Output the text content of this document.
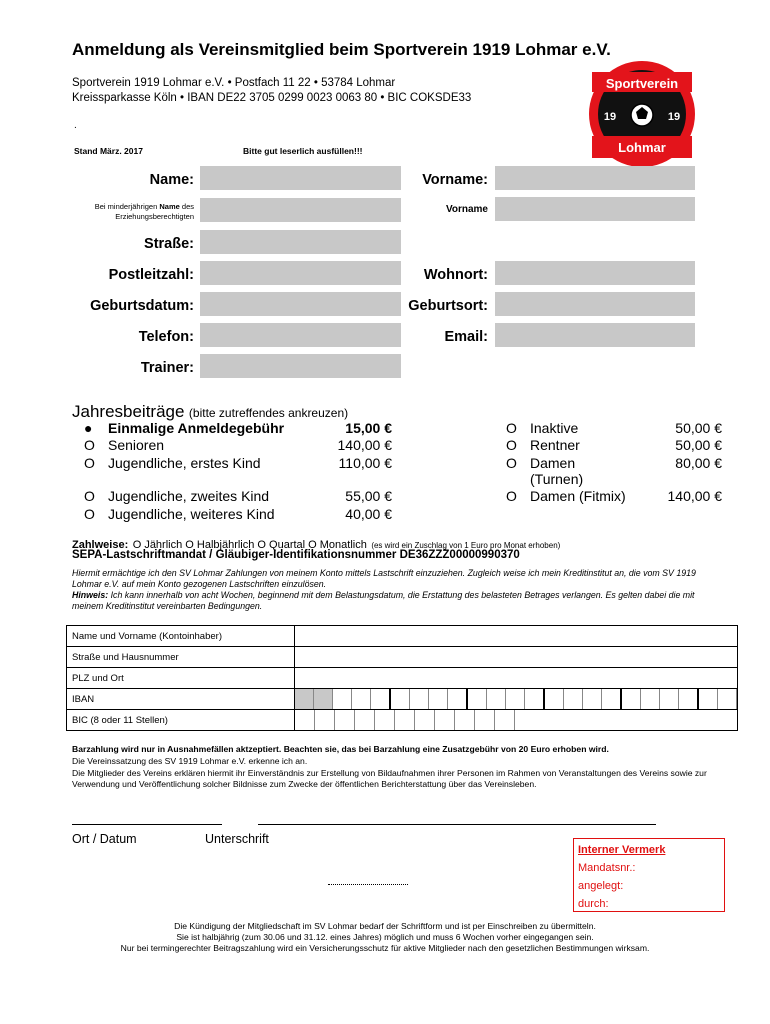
Anmeldung als Vereinsmitglied beim Sportverein 1919 Lohmar e.V.
Sportverein 1919 Lohmar e.V. • Postfach 11 22 • 53784 Lohmar
Kreissparkasse Köln • IBAN DE22 3705 0299 0023 0063 80 • BIC COKSDE33
.
Stand März. 2017	Bitte gut leserlich ausfüllen!!!
Sportverein
19	19
Lohmar
Name:	Vorname:
Bei minderjährigen Name des
Erziehungsberechtigten
Vorname
Straße:
Postleitzahl:	Wohnort:
Geburtsdatum:	Geburtsort:
Telefon:	Email:
Trainer:
Jahresbeiträge (bitte zutreffendes ankreuzen)
● Einmalige Anmeldegebühr	15,00 €
O Senioren	140,00 €
O Jugendliche, erstes Kind	110,00 €
O Jugendliche, zweites Kind	55,00 €
O Jugendliche, weiteres Kind	40,00 €
O Inaktive	50,00 €
O Rentner	50,00 €
O Damen
(Turnen)
80,00 €
O Damen (Fitmix)	140,00 €
Zahlweise: O Jährlich O Halbjährlich O Quartal O Monatlich (es wird ein Zuschlag von 1 Euro pro Monat erhoben)
SEPA-Lastschriftmandat / Gläubiger-Identifikationsnummer DE36ZZZ00000990370
Hiermit ermächtige ich den SV Lohmar Zahlungen von meinem Konto mittels Lastschrift einzuziehen. Zugleich weise ich mein Kreditinstitut an, die vom SV 1919 Lohmar e.V. auf mein Konto gezogenen Lastschriften einzulösen.
Hinweis: Ich kann innerhalb von acht Wochen, beginnend mit dem Belastungsdatum, die Erstattung des belasteten Betrages verlangen. Es gelten dabei die mit meinem Kreditinstitut vereinbarten Bedingungen.
Name und Vorname (Kontoinhaber)	
Straße und Hausnummer	
PLZ und Ort	
IBAN	

BIC (8 oder 11 Stellen)	
Barzahlung wird nur in Ausnahmefällen aktzeptiert. Beachten sie, das bei Barzahlung eine Zusatzgebühr von 20 Euro erhoben wird.
Die Vereinssatzung des SV 1919 Lohmar e.V. erkenne ich an.
Die Mitglieder des Vereins erklären hiermit ihr Einverständnis zur Erstellung von Bildaufnahmen ihrer Personen im Rahmen von Veranstaltungen des Vereins sowie zur Verwendung und Veröffentlichung solcher Bildnisse zum Zwecke der öffentlichen Berichterstattung über das Vereinsleben.
Ort / Datum	Unterschrift
Interner Vermerk
Mandatsnr.:
angelegt:
durch:
Die Kündigung der Mitgliedschaft im SV Lohmar bedarf der Schriftform und ist per Einschreiben zu übermitteln.
Sie ist halbjährig (zum 30.06 und 31.12. eines Jahres) möglich und muss 6 Wochen vorher eingegangen sein.
Nur bei termingerechter Beitragszahlung wird ein Versicherungsschutz für aktive Mitglieder nach den gesetzlichen Bestimmungen wirksam.
